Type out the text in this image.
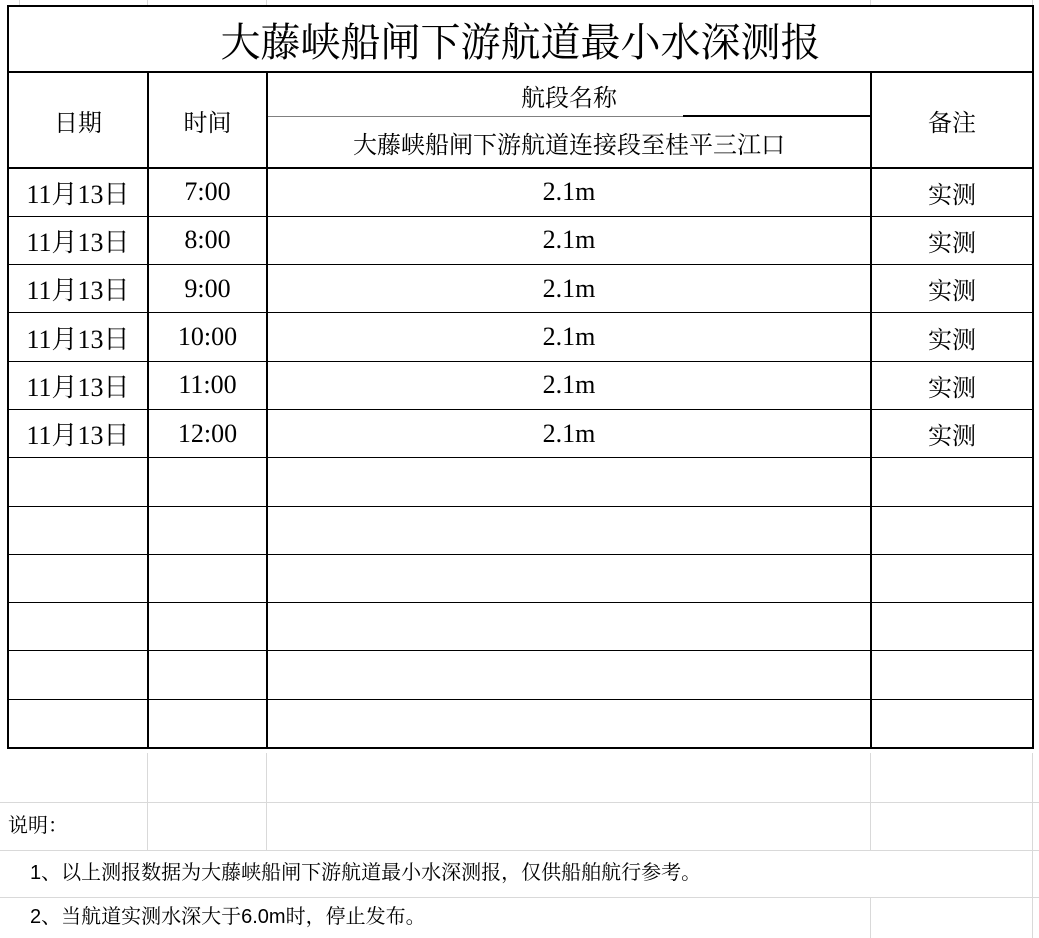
大藤峡船闸下游航道最小水深测报			
日期	时间	航段名称	备注
		大藤峡船闸下游航道连接段至桂平三江口	
11月13日	7:00	2.1m	实测
11月13日	8:00	2.1m	实测
11月13日	9:00	2.1m	实测
11月13日	10:00	2.1m	实测
11月13日	11:00	2.1m	实测
11月13日	12:00	2.1m	实测

说明：
1、以上测报数据为大藤峡船闸下游航道最小水深测报，仅供船舶航行参考。
2、当航道实测水深大于6.0m时，停止发布。
